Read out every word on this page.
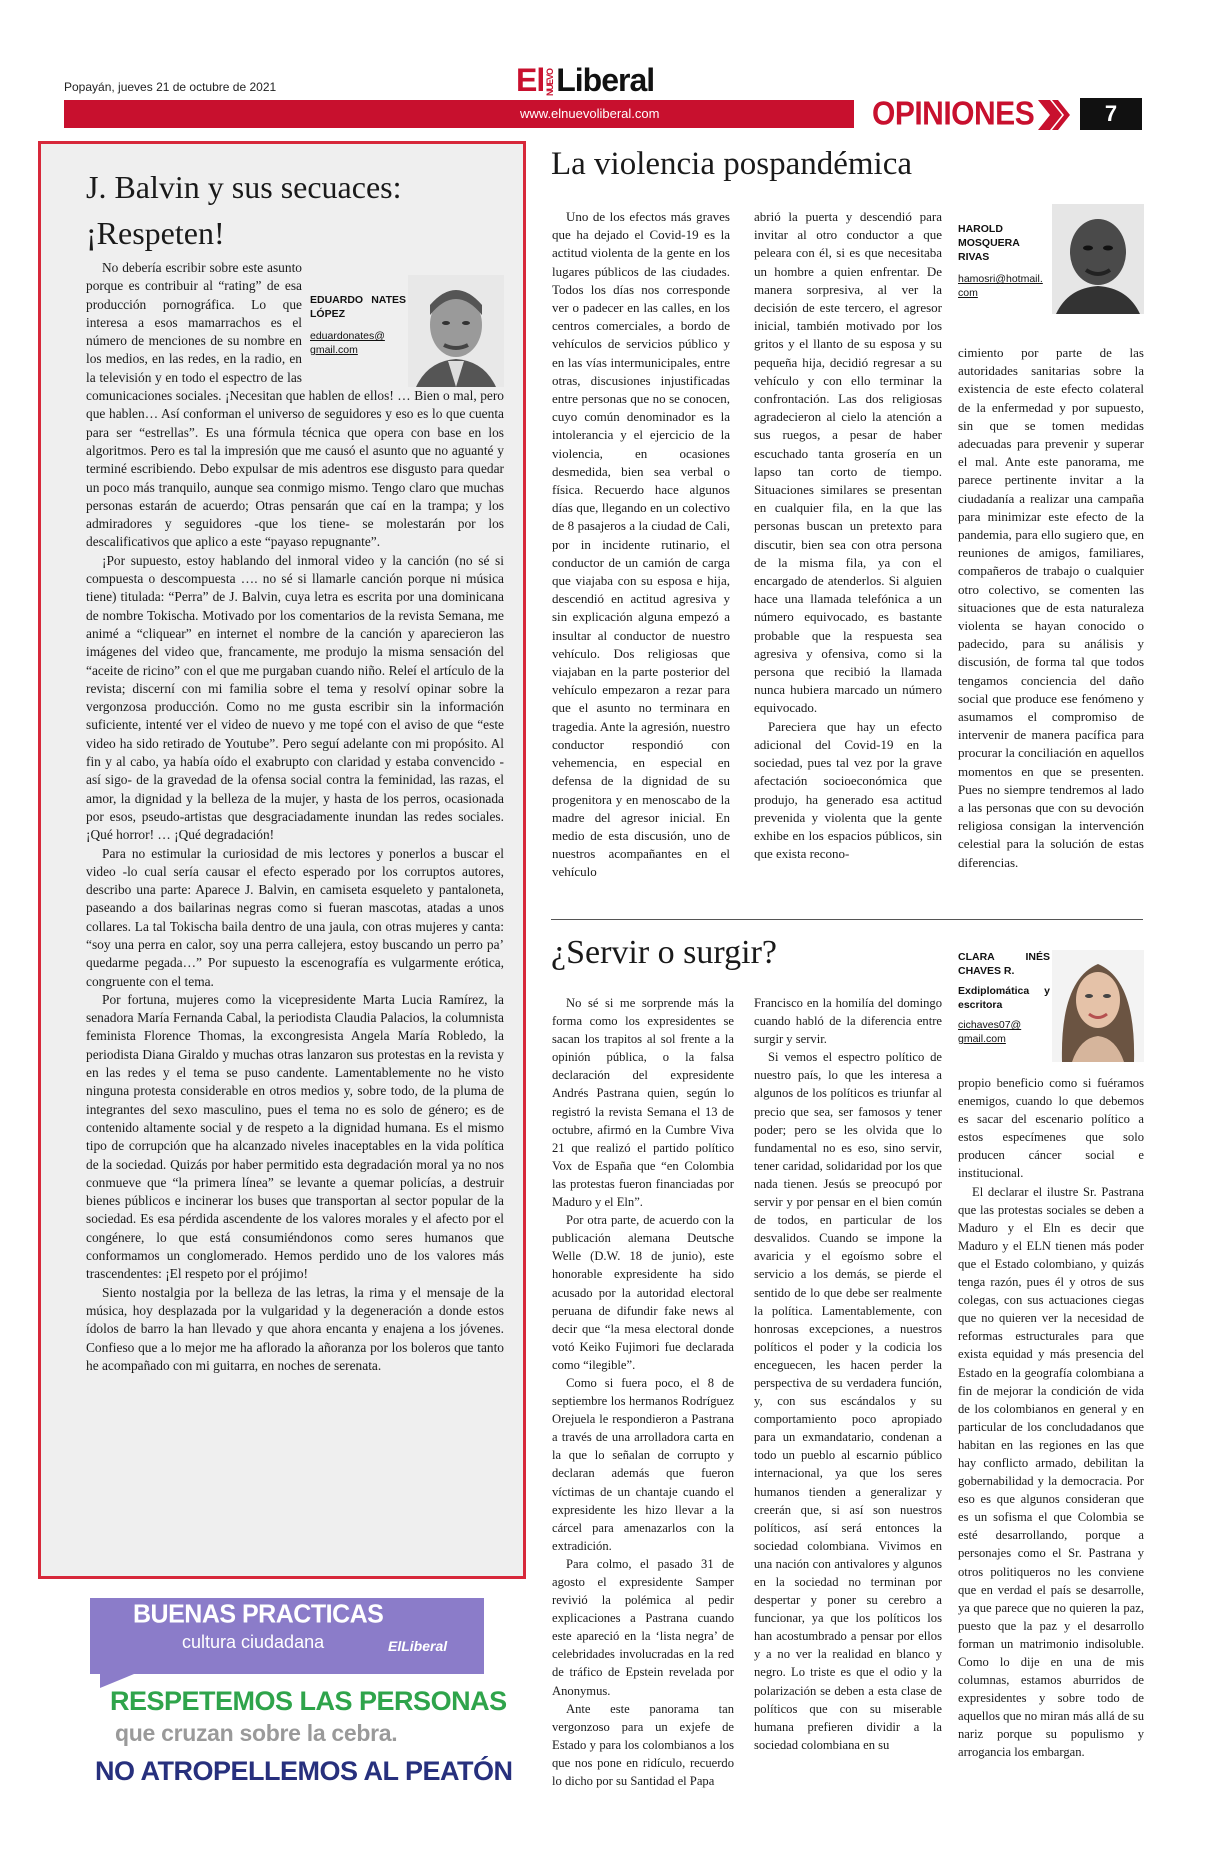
Popayán, jueves 21 de octubre de 2021	ElNUEVOLiberal
www.elnuevoliberal.com	OPINIONES	7
J. Balvin y sus secuaces: ¡Respeten!
EDUARDO NATES LÓPEZ
eduardonates@ gmail.com

No debería escribir sobre este asunto porque es contribuir al “rating” de esa producción pornográfica. Lo que interesa a esos mamarrachos es el número de menciones de su nombre en los medios, en las redes, en la radio, en la televisión y en todo el espectro de las comunicaciones sociales. ¡Necesitan que hablen de ellos! … Bien o mal, pero que hablen… Así conforman el universo de seguidores y eso es lo que cuenta para ser “estrellas”. Es una fórmula técnica que opera con base en los algoritmos. Pero es tal la impresión que me causó el asunto que no aguanté y terminé escribiendo. Debo expulsar de mis adentros ese disgusto para quedar un poco más tranquilo, aunque sea conmigo mismo. Tengo claro que muchas personas estarán de acuerdo; Otras pensarán que caí en la trampa; y los admiradores y seguidores -que los tiene- se molestarán por los descalificativos que aplico a este “payaso repugnante”.

¡Por supuesto, estoy hablando del inmoral video y la canción (no sé si compuesta o descompuesta …. no sé si llamarle canción porque ni música tiene) titulada: “Perra” de J. Balvin, cuya letra es escrita por una dominicana de nombre Tokischa. Motivado por los comentarios de la revista Semana, me animé a “cliquear” en internet el nombre de la canción y aparecieron las imágenes del video que, francamente, me produjo la misma sensación del “aceite de ricino” con el que me purgaban cuando niño. Releí el artículo de la revista; discerní con mi familia sobre el tema y resolví opinar sobre la vergonzosa producción. Como no me gusta escribir sin la información suficiente, intenté ver el video de nuevo y me topé con el aviso de que “este video ha sido retirado de Youtube”. Pero seguí adelante con mi propósito. Al fin y al cabo, ya había oído el exabrupto con claridad y estaba convencido -así sigo- de la gravedad de la ofensa social contra la feminidad, las razas, el amor, la dignidad y la belleza de la mujer, y hasta de los perros, ocasionada por esos, pseudo-artistas que desgraciadamente inundan las redes sociales. ¡Qué horror! … ¡Qué degradación!

Para no estimular la curiosidad de mis lectores y ponerlos a buscar el video -lo cual sería causar el efecto esperado por los corruptos autores, describo una parte: Aparece J. Balvin, en camiseta esqueleto y pantaloneta, paseando a dos bailarinas negras como si fueran mascotas, atadas a unos collares. La tal Tokischa baila dentro de una jaula, con otras mujeres y canta: “soy una perra en calor, soy una perra callejera, estoy buscando un perro pa’ quedarme pegada…” Por supuesto la escenografía es vulgarmente erótica, congruente con el tema.

Por fortuna, mujeres como la vicepresidente Marta Lucia Ramírez, la senadora María Fernanda Cabal, la periodista Claudia Palacios, la columnista feminista Florence Thomas, la excongresista Angela María Robledo, la periodista Diana Giraldo y muchas otras lanzaron sus protestas en la revista y en las redes y el tema se puso candente. Lamentablemente no he visto ninguna protesta considerable en otros medios y, sobre todo, de la pluma de integrantes del sexo masculino, pues el tema no es solo de género; es de contenido altamente social y de respeto a la dignidad humana. Es el mismo tipo de corrupción que ha alcanzado niveles inaceptables en la vida política de la sociedad. Quizás por haber permitido esta degradación moral ya no nos conmueve que “la primera línea” se levante a quemar policías, a destruir bienes públicos e incinerar los buses que transportan al sector popular de la sociedad. Es esa pérdida ascendente de los valores morales y el afecto por el congénere, lo que está consumiéndonos como seres humanos que conformamos un conglomerado. Hemos perdido uno de los valores más trascendentes: ¡El respeto por el prójimo!

Siento nostalgia por la belleza de las letras, la rima y el mensaje de la música, hoy desplazada por la vulgaridad y la degeneración a donde estos ídolos de barro la han llevado y que ahora encanta y enajena a los jóvenes. Confieso que a lo mejor me ha aflorado la añoranza por los boleros que tanto he acompañado con mi guitarra, en noches de serenata.

La violencia pospandémica

Uno de los efectos más graves que ha dejado el Covid-19 es la actitud violenta de la gente en los lugares públicos de las ciudades. Todos los días nos corresponde ver o padecer en las calles, en los centros comerciales, a bordo de vehículos de servicios público y en las vías intermunicipales, entre otras, discusiones injustificadas entre personas que no se conocen, cuyo común denominador es la intolerancia y el ejercicio de la violencia, en ocasiones desmedida, bien sea verbal o física. Recuerdo hace algunos días que, llegando en un colectivo de 8 pasajeros a la ciudad de Cali, por in incidente rutinario, el conductor de un camión de carga que viajaba con su esposa e hija, descendió en actitud agresiva y sin explicación alguna empezó a insultar al conductor de nuestro vehículo. Dos religiosas que viajaban en la parte posterior del vehículo empezaron a rezar para que el asunto no terminara en tragedia. Ante la agresión, nuestro conductor respondió con vehemencia, en especial en defensa de la dignidad de su progenitora y en menoscabo de la madre del agresor inicial. En medio de esta discusión, uno de nuestros acompañantes en el vehículo

abrió la puerta y descendió para invitar al otro conductor a que peleara con él, si es que necesitaba un hombre a quien enfrentar. De manera sorpresiva, al ver la decisión de este tercero, el agresor inicial, también motivado por los gritos y el llanto de su esposa y su pequeña hija, decidió regresar a su vehículo y con ello terminar la confrontación. Las dos religiosas agradecieron al cielo la atención a sus ruegos, a pesar de haber escuchado tanta grosería en un lapso tan corto de tiempo. Situaciones similares se presentan en cualquier fila, en la que las personas buscan un pretexto para discutir, bien sea con otra persona de la misma fila, ya con el encargado de atenderlos. Si alguien hace una llamada telefónica a un número equivocado, es bastante probable que la respuesta sea agresiva y ofensiva, como si la persona que recibió la llamada nunca hubiera marcado un número equivocado.

Pareciera que hay un efecto adicional del Covid-19 en la sociedad, pues tal vez por la grave afectación socioeconómica que produjo, ha generado esa actitud prevenida y violenta que la gente exhibe en los espacios públicos, sin que exista recono-

HAROLD MOSQUERA RIVAS
hamosri@hotmail. com

cimiento por parte de las autoridades sanitarias sobre la existencia de este efecto colateral de la enfermedad y por supuesto, sin que se tomen medidas adecuadas para prevenir y superar el mal. Ante este panorama, me parece pertinente invitar a la ciudadanía a realizar una campaña para minimizar este efecto de la pandemia, para ello sugiero que, en reuniones de amigos, familiares, compañeros de trabajo o cualquier otro colectivo, se comenten las situaciones que de esta naturaleza violenta se hayan conocido o padecido, para su análisis y discusión, de forma tal que todos tengamos conciencia del daño social que produce ese fenómeno y asumamos el compromiso de intervenir de manera pacífica para procurar la conciliación en aquellos momentos en que se presenten. Pues no siempre tendremos al lado a las personas que con su devoción religiosa consigan la intervención celestial para la solución de estas diferencias.

¿Servir o surgir?

No sé si me sorprende más la forma como los expresidentes se sacan los trapitos al sol frente a la opinión pública, o la falsa declaración del expresidente Andrés Pastrana quien, según lo registró la revista Semana el 13 de octubre, afirmó en la Cumbre Viva 21 que realizó el partido político Vox de España que “en Colombia las protestas fueron financiadas por Maduro y el Eln”.

Por otra parte, de acuerdo con la publicación alemana Deutsche Welle (D.W. 18 de junio), este honorable expresidente ha sido acusado por la autoridad electoral peruana de difundir fake news al decir que “la mesa electoral donde votó Keiko Fujimori fue declarada como “ilegible”.

Como si fuera poco, el 8 de septiembre los hermanos Rodríguez Orejuela le respondieron a Pastrana a través de una arrolladora carta en la que lo señalan de corrupto y declaran además que fueron víctimas de un chantaje cuando el expresidente les hizo llevar a la cárcel para amenazarlos con la extradición.

Para colmo, el pasado 31 de agosto el expresidente Samper revivió la polémica al pedir explicaciones a Pastrana cuando este apareció en la ‘lista negra’ de celebridades involucradas en la red de tráfico de Epstein revelada por Anonymus.

Ante este panorama tan vergonzoso para un exjefe de Estado y para los colombianos a los que nos pone en ridículo, recuerdo lo dicho por su Santidad el Papa

Francisco en la homilía del domingo cuando habló de la diferencia entre surgir y servir.

Si vemos el espectro político de nuestro país, lo que les interesa a algunos de los políticos es triunfar al precio que sea, ser famosos y tener poder; pero se les olvida que lo fundamental no es eso, sino servir, tener caridad, solidaridad por los que nada tienen. Jesús se preocupó por servir y por pensar en el bien común de todos, en particular de los desvalidos. Cuando se impone la avaricia y el egoísmo sobre el servicio a los demás, se pierde el sentido de lo que debe ser realmente la política. Lamentablemente, con honrosas excepciones, a nuestros políticos el poder y la codicia los enceguecen, les hacen perder la perspectiva de su verdadera función, y, con sus escándalos y su comportamiento poco apropiado para un exmandatario, condenan a todo un pueblo al escarnio público internacional, ya que los seres humanos tienden a generalizar y creerán que, si así son nuestros políticos, así será entonces la sociedad colombiana. Vivimos en una nación con antivalores y algunos en la sociedad no terminan por despertar y poner su cerebro a funcionar, ya que los políticos los han acostumbrado a pensar por ellos y a no ver la realidad en blanco y negro. Lo triste es que el odio y la polarización se deben a esta clase de políticos que con su miserable humana prefieren dividir a la sociedad colombiana en su

CLARA INÉS CHAVES R.
Exdiplomática y escritora
cichaves07@ gmail.com

propio beneficio como si fuéramos enemigos, cuando lo que debemos es sacar del escenario político a estos especímenes que solo producen cáncer social e institucional.

El declarar el ilustre Sr. Pastrana que las protestas sociales se deben a Maduro y el Eln es decir que Maduro y el ELN tienen más poder que el Estado colombiano, y quizás tenga razón, pues él y otros de sus colegas, con sus actuaciones ciegas que no quieren ver la necesidad de reformas estructurales para que exista equidad y más presencia del Estado en la geografía colombiana a fin de mejorar la condición de vida de los colombianos en general y en particular de los concludadanos que habitan en las regiones en las que hay conflicto armado, debilitan la gobernabilidad y la democracia. Por eso es que algunos consideran que es un sofisma el que Colombia se esté desarrollando, porque a personajes como el Sr. Pastrana y otros politiqueros no les conviene que en verdad el país se desarrolle, ya que parece que no quieren la paz, puesto que la paz y el desarrollo forman un matrimonio indisoluble. Como lo dije en una de mis columnas, estamos aburridos de expresidentes y sobre todo de aquellos que no miran más allá de su nariz porque su populismo y arrogancia los embargan.

BUENAS PRACTICAS
cultura ciudadana	ElLiberal
RESPETEMOS LAS PERSONAS
que cruzan sobre la cebra.
NO ATROPELLEMOS AL PEATÓN
